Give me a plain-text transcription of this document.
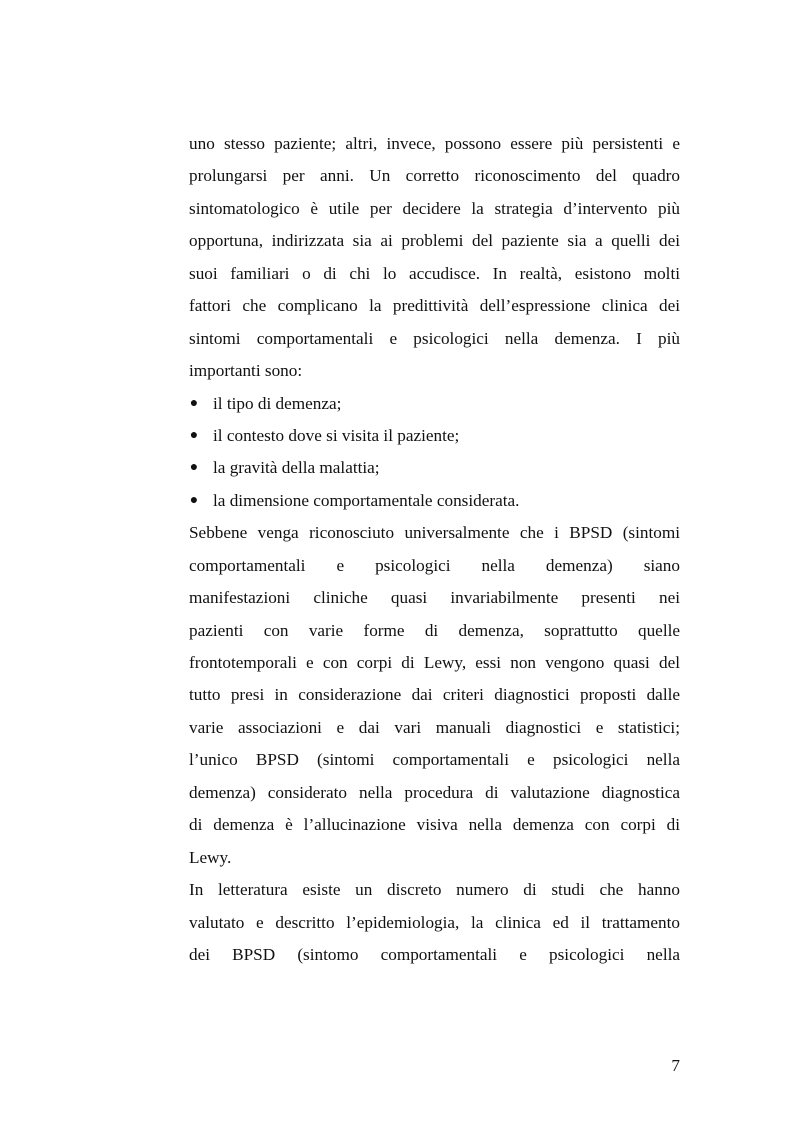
uno stesso paziente; altri, invece, possono essere più persistenti e
prolungarsi per anni. Un corretto riconoscimento del quadro
sintomatologico è utile per decidere la strategia d’intervento più
opportuna, indirizzata sia ai problemi del paziente sia a quelli dei
suoi familiari o di chi lo accudisce. In realtà, esistono molti
fattori che complicano la predittività dell’espressione clinica dei
sintomi comportamentali e psicologici nella demenza. I più
importanti sono:
● il tipo di demenza;
● il contesto dove si visita il paziente;
● la gravità della malattia;
● la dimensione comportamentale considerata.
Sebbene venga riconosciuto universalmente che i BPSD (sintomi
comportamentali e psicologici nella demenza) siano
manifestazioni cliniche quasi invariabilmente presenti nei
pazienti con varie forme di demenza, soprattutto quelle
frontotemporali e con corpi di Lewy, essi non vengono quasi del
tutto presi in considerazione dai criteri diagnostici proposti dalle
varie associazioni e dai vari manuali diagnostici e statistici;
l’unico BPSD (sintomi comportamentali e psicologici nella
demenza) considerato nella procedura di valutazione diagnostica
di demenza è l’allucinazione visiva nella demenza con corpi di
Lewy.
In letteratura esiste un discreto numero di studi che hanno
valutato e descritto l’epidemiologia, la clinica ed il trattamento
dei BPSD (sintomo comportamentali e psicologici nella
7
